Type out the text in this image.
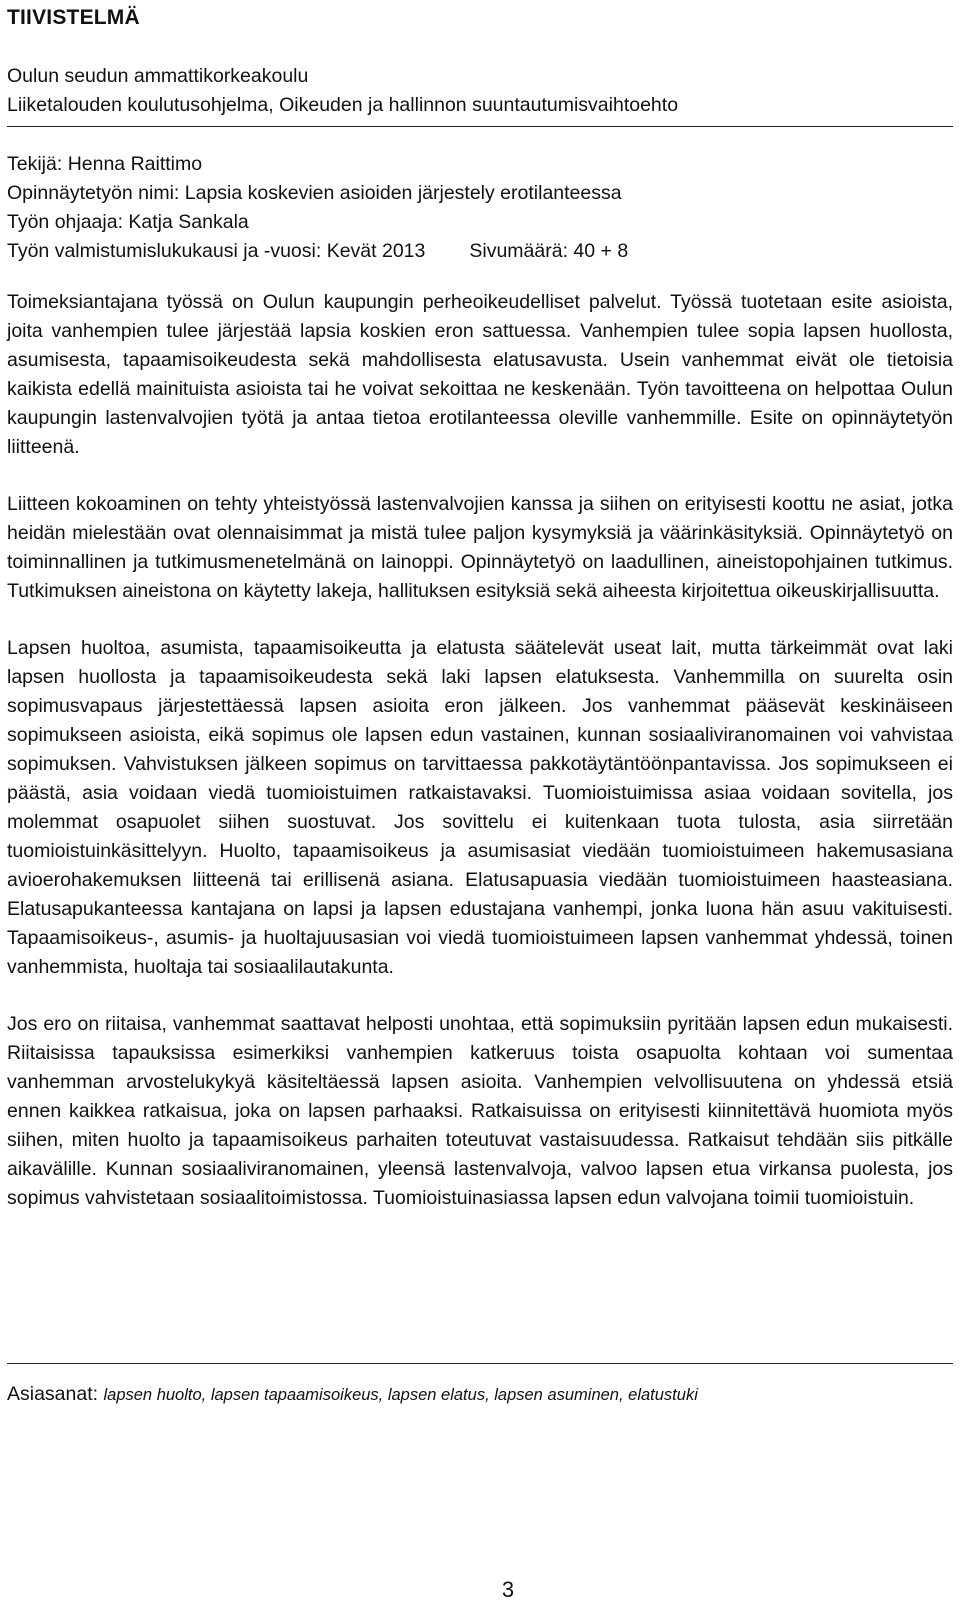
TIIVISTELMÄ
Oulun seudun ammattikorkeakoulu
Liiketalouden koulutusohjelma, Oikeuden ja hallinnon suuntautumisvaihtoehto
Tekijä: Henna Raittimo
Opinnäytetyön nimi: Lapsia koskevien asioiden järjestely erotilanteessa
Työn ohjaaja: Katja Sankala
Työn valmistumislukukausi ja -vuosi: Kevät 2013 Sivumäärä: 40 + 8

Toimeksiantajana työssä on Oulun kaupungin perheoikeudelliset palvelut. Työssä tuotetaan esite asioista, joita vanhempien tulee järjestää lapsia koskien eron sattuessa. Vanhempien tulee sopia lapsen huollosta, asumisesta, tapaamisoikeudesta sekä mahdollisesta elatusavusta. Usein vanhemmat eivät ole tietoisia kaikista edellä mainituista asioista tai he voivat sekoittaa ne keskenään. Työn tavoitteena on helpottaa Oulun kaupungin lastenvalvojien työtä ja antaa tietoa erotilanteessa oleville vanhemmille. Esite on opinnäytetyön liitteenä.

Liitteen kokoaminen on tehty yhteistyössä lastenvalvojien kanssa ja siihen on erityisesti koottu ne asiat, jotka heidän mielestään ovat olennaisimmat ja mistä tulee paljon kysymyksiä ja väärinkäsityksiä. Opinnäytetyö on toiminnallinen ja tutkimusmenetelmänä on lainoppi. Opinnäytetyö on laadullinen, aineistopohjainen tutkimus. Tutkimuksen aineistona on käytetty lakeja, hallituksen esityksiä sekä aiheesta kirjoitettua oikeuskirjallisuutta.

Lapsen huoltoa, asumista, tapaamisoikeutta ja elatusta säätelevät useat lait, mutta tärkeimmät ovat laki lapsen huollosta ja tapaamisoikeudesta sekä laki lapsen elatuksesta. Vanhemmilla on suurelta osin sopimusvapaus järjestettäessä lapsen asioita eron jälkeen. Jos vanhemmat pääsevät keskinäiseen sopimukseen asioista, eikä sopimus ole lapsen edun vastainen, kunnan sosiaaliviranomainen voi vahvistaa sopimuksen. Vahvistuksen jälkeen sopimus on tarvittaessa pakkotäytäntöönpantavissa. Jos sopimukseen ei päästä, asia voidaan viedä tuomioistuimen ratkaistavaksi. Tuomioistuimissa asiaa voidaan sovitella, jos molemmat osapuolet siihen suostuvat. Jos sovittelu ei kuitenkaan tuota tulosta, asia siirretään tuomioistuinkäsittelyyn. Huolto, tapaamisoikeus ja asumisasiat viedään tuomioistuimeen hakemusasiana avioerohakemuksen liitteenä tai erillisenä asiana. Elatusapuasia viedään tuomioistuimeen haasteasiana. Elatusapukanteessa kantajana on lapsi ja lapsen edustajana vanhempi, jonka luona hän asuu vakituisesti. Tapaamisoikeus-, asumis- ja huoltajuusasian voi viedä tuomioistuimeen lapsen vanhemmat yhdessä, toinen vanhemmista, huoltaja tai sosiaalilautakunta.

Jos ero on riitaisa, vanhemmat saattavat helposti unohtaa, että sopimuksiin pyritään lapsen edun mukaisesti. Riitaisissa tapauksissa esimerkiksi vanhempien katkeruus toista osapuolta kohtaan voi sumentaa vanhemman arvostelukykyä käsiteltäessä lapsen asioita. Vanhempien velvollisuutena on yhdessä etsiä ennen kaikkea ratkaisua, joka on lapsen parhaaksi. Ratkaisuissa on erityisesti kiinnitettävä huomiota myös siihen, miten huolto ja tapaamisoikeus parhaiten toteutuvat vastaisuudessa. Ratkaisut tehdään siis pitkälle aikavälille. Kunnan sosiaaliviranomainen, yleensä lastenvalvoja, valvoo lapsen etua virkansa puolesta, jos sopimus vahvistetaan sosiaalitoimistossa. Tuomioistuinasiassa lapsen edun valvojana toimii tuomioistuin.

Asiasanat: lapsen huolto, lapsen tapaamisoikeus, lapsen elatus, lapsen asuminen, elatustuki
3
